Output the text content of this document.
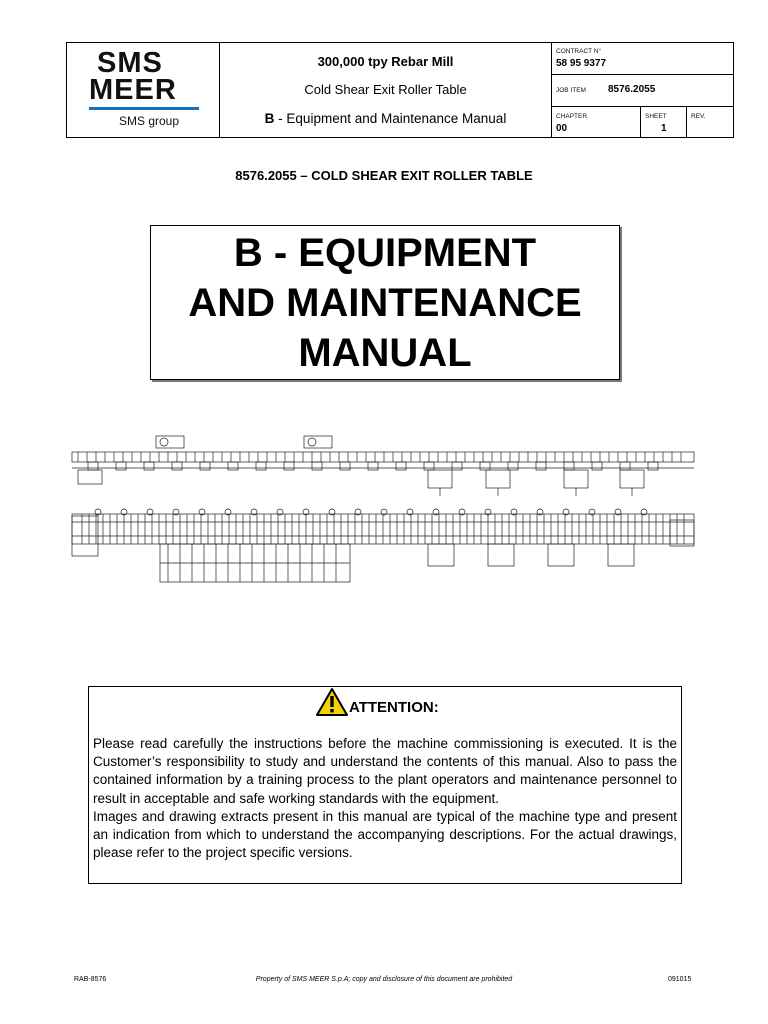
SMS
MEER
SMS group
300,000 tpy Rebar Mill
Cold Shear Exit Roller Table
B - Equipment and Maintenance Manual
CONTRACT N°
58 95 9377
JOB ITEM 8576.2055
CHAPTER
00
SHEET
1
REV.
8576.2055 – COLD SHEAR EXIT ROLLER TABLE
B - EQUIPMENT
AND MAINTENANCE
MANUAL
ATTENTION:

Please read carefully the instructions before the machine commissioning is executed. It is the Customer’s responsibility to study and understand the contents of this manual. Also to pass the contained information by a training process to the plant operators and maintenance personnel to result in acceptable and safe working standards with the equipment.

Images and drawing extracts present in this manual are typical of the machine type and present an indication from which to understand the accompanying descriptions. For the actual drawings, please refer to the project specific versions.

RAB-8576	Property of SMS MEER S.p.A; copy and disclosure of this document are prohibited	091015
